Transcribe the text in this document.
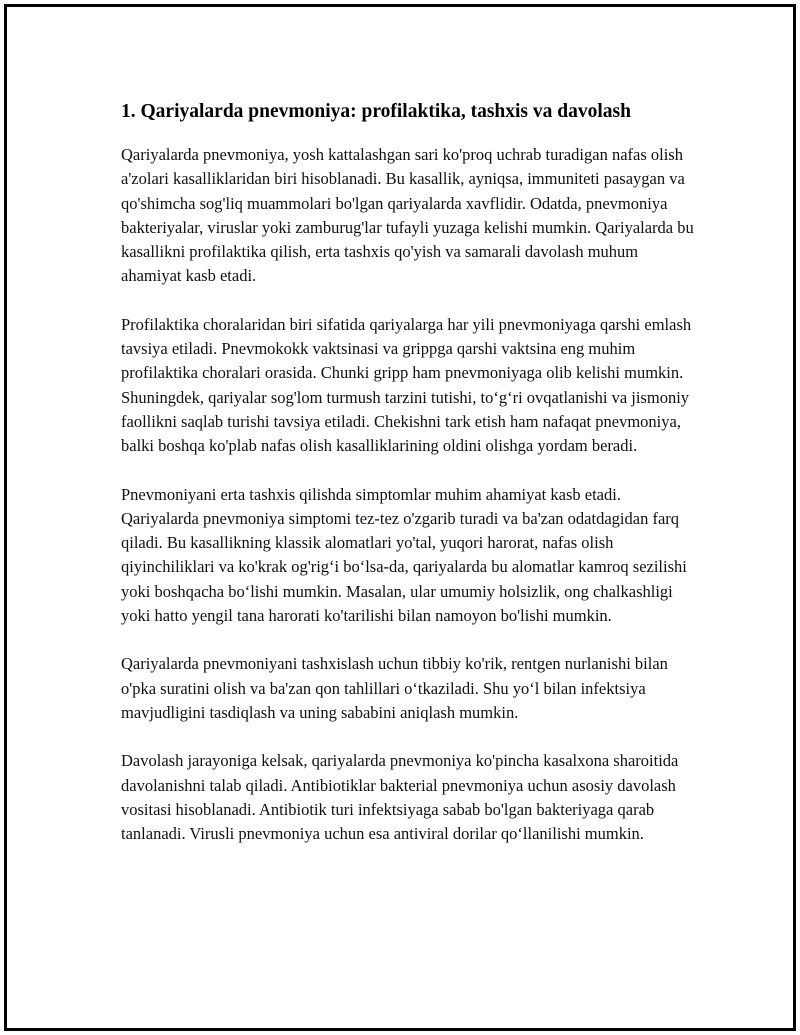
1. Qariyalarda pnevmoniya: profilaktika, tashxis va davolash

Qariyalarda pnevmoniya, yosh kattalashgan sari ko'proq uchrab turadigan nafas olish a'zolari kasalliklaridan biri hisoblanadi. Bu kasallik, ayniqsa, immuniteti pasaygan va qo'shimcha sog'liq muammolari bo'lgan qariyalarda xavflidir. Odatda, pnevmoniya bakteriyalar, viruslar yoki zamburug'lar tufayli yuzaga kelishi mumkin. Qariyalarda bu kasallikni profilaktika qilish, erta tashxis qo'yish va samarali davolash muhum ahamiyat kasb etadi.

Profilaktika choralaridan biri sifatida qariyalarga har yili pnevmoniyaga qarshi emlash tavsiya etiladi. Pnevmokokk vaktsinasi va grippga qarshi vaktsina eng muhim profilaktika choralari orasida. Chunki gripp ham pnevmoniyaga olib kelishi mumkin. Shuningdek, qariyalar sog'lom turmush tarzini tutishi, to‘g‘ri ovqatlanishi va jismoniy faollikni saqlab turishi tavsiya etiladi. Chekishni tark etish ham nafaqat pnevmoniya, balki boshqa ko'plab nafas olish kasalliklarining oldini olishga yordam beradi.

Pnevmoniyani erta tashxis qilishda simptomlar muhim ahamiyat kasb etadi. Qariyalarda pnevmoniya simptomi tez-tez o'zgarib turadi va ba'zan odatdagidan farq qiladi. Bu kasallikning klassik alomatlari yo'tal, yuqori harorat, nafas olish qiyinchiliklari va ko'krak og'rig‘i bo‘lsa-da, qariyalarda bu alomatlar kamroq sezilishi yoki boshqacha bo‘lishi mumkin. Masalan, ular umumiy holsizlik, ong chalkashligi yoki hatto yengil tana harorati ko'tarilishi bilan namoyon bo'lishi mumkin.

Qariyalarda pnevmoniyani tashxislash uchun tibbiy ko'rik, rentgen nurlanishi bilan o'pka suratini olish va ba'zan qon tahlillari o‘tkaziladi. Shu yo‘l bilan infektsiya mavjudligini tasdiqlash va uning sababini aniqlash mumkin.

Davolash jarayoniga kelsak, qariyalarda pnevmoniya ko'pincha kasalxona sharoitida davolanishni talab qiladi. Antibiotiklar bakterial pnevmoniya uchun asosiy davolash vositasi hisoblanadi. Antibiotik turi infektsiyaga sabab bo'lgan bakteriyaga qarab tanlanadi. Virusli pnevmoniya uchun esa antiviral dorilar qo‘llanilishi mumkin.
